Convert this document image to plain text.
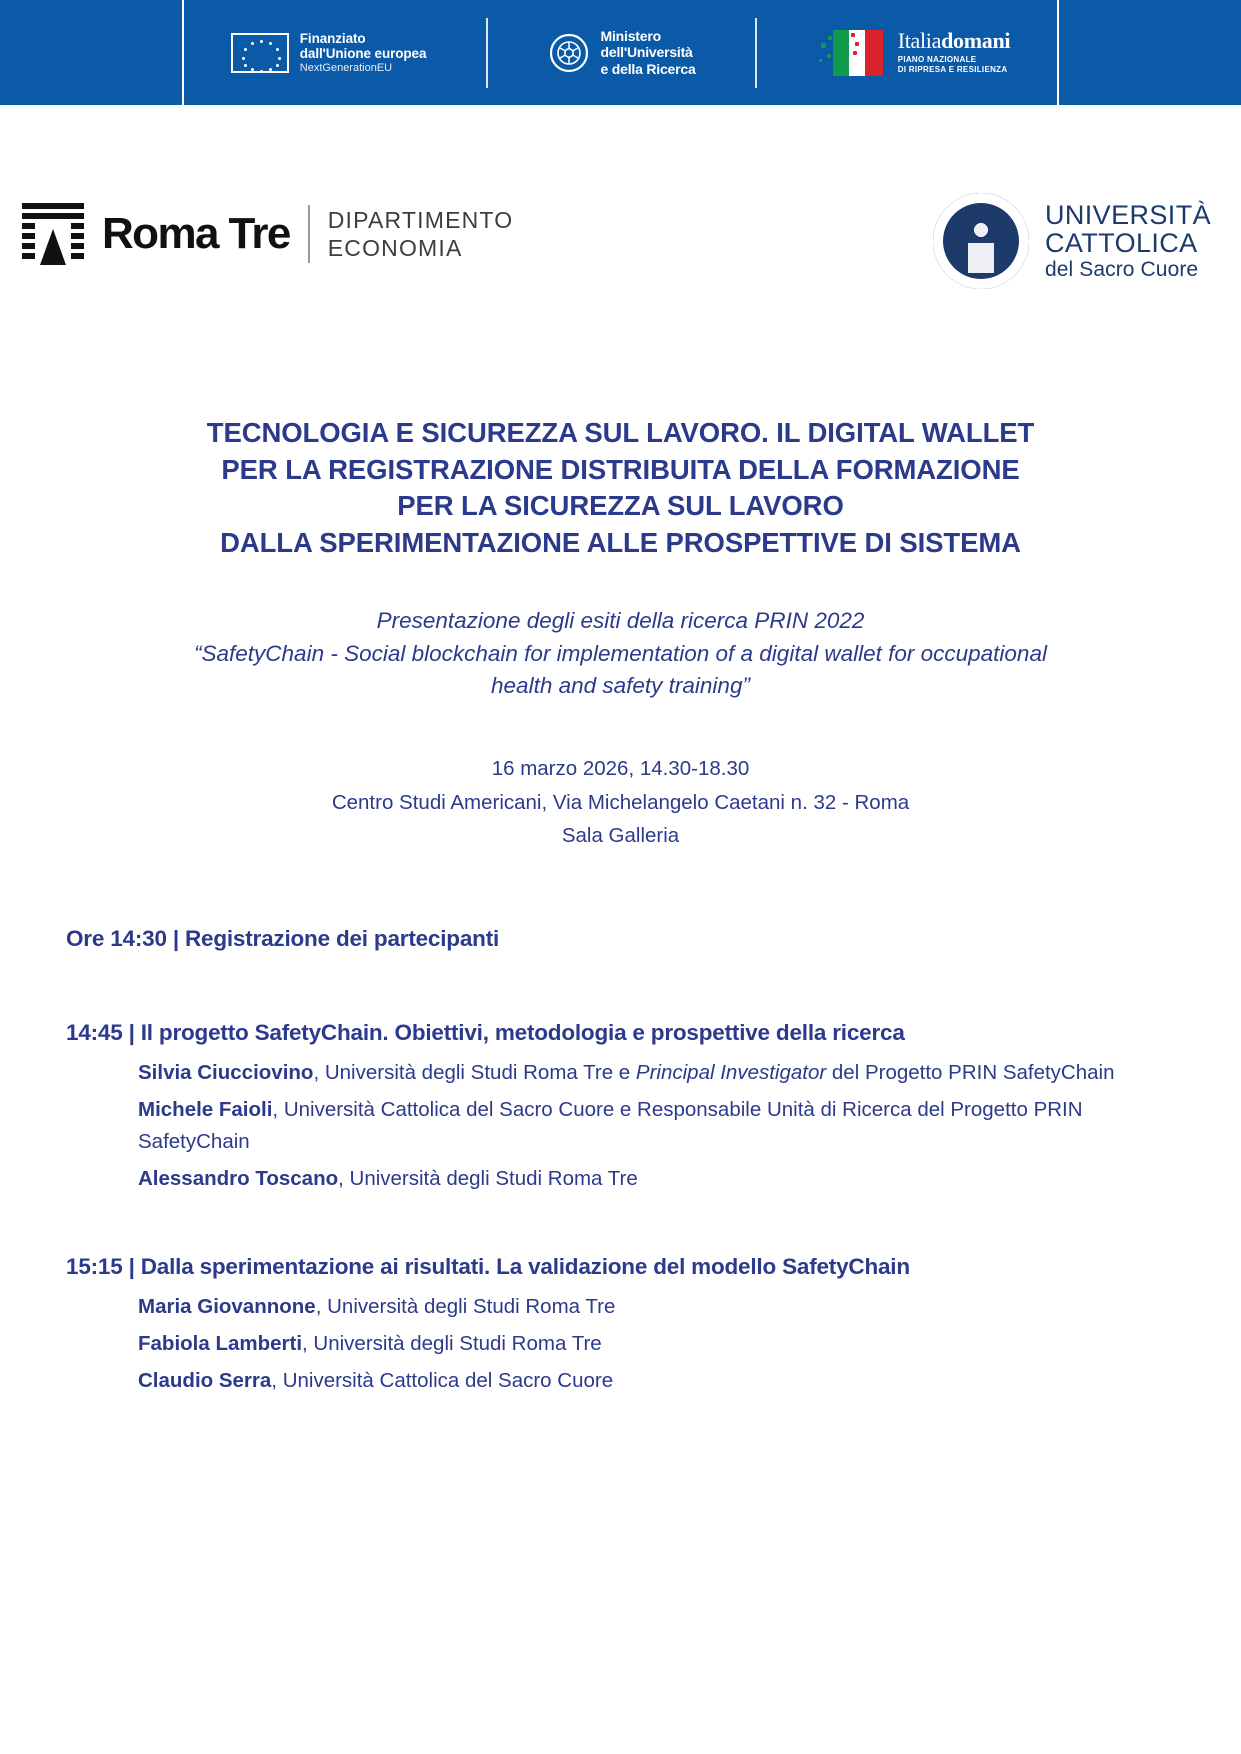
Finanziato
dall'Unione europea
NextGenerationEU
Ministero
dell'Università
e della Ricerca
Italiadomani
PIANO NAZIONALE
DI RIPRESA E RESILIENZA
Roma Tre DIPARTIMENTO
ECONOMIA
UNIVERSITÀ
CATTOLICA
del Sacro Cuore
TECNOLOGIA E SICUREZZA SUL LAVORO. IL DIGITAL WALLET
PER LA REGISTRAZIONE DISTRIBUITA DELLA FORMAZIONE
PER LA SICUREZZA SUL LAVORO
DALLA SPERIMENTAZIONE ALLE PROSPETTIVE DI SISTEMA
Presentazione degli esiti della ricerca PRIN 2022
“SafetyChain - Social blockchain for implementation of a digital wallet for occupational
health and safety training”
16 marzo 2026, 14.30-18.30
Centro Studi Americani, Via Michelangelo Caetani n. 32 - Roma
Sala Galleria
Ore 14:30 | Registrazione dei partecipanti
14:45 | Il progetto SafetyChain. Obiettivi, metodologia e prospettive della ricerca
Silvia Ciucciovino, Università degli Studi Roma Tre e Principal Investigator del Progetto PRIN SafetyChain
Michele Faioli, Università Cattolica del Sacro Cuore e Responsabile Unità di Ricerca del Progetto PRIN SafetyChain
Alessandro Toscano, Università degli Studi Roma Tre
15:15 | Dalla sperimentazione ai risultati. La validazione del modello SafetyChain
Maria Giovannone, Università degli Studi Roma Tre
Fabiola Lamberti, Università degli Studi Roma Tre
Claudio Serra, Università Cattolica del Sacro Cuore
